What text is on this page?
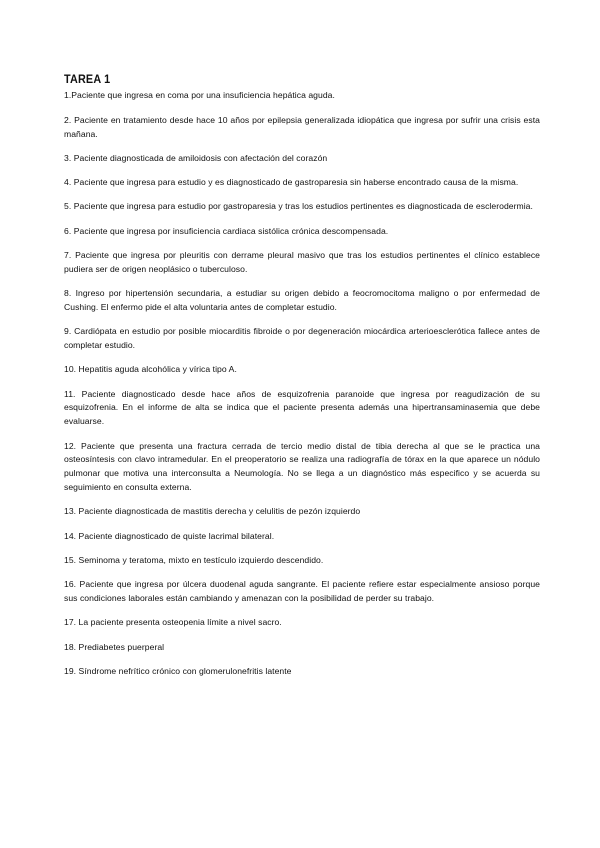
TAREA 1
1.Paciente que ingresa en coma por una insuficiencia hepática aguda.
2. Paciente en tratamiento desde hace 10 años por epilepsia generalizada idiopática que ingresa por sufrir una crisis esta mañana.
3. Paciente diagnosticada de amiloidosis con afectación del corazón
4. Paciente que ingresa para estudio y es diagnosticado de gastroparesia sin haberse encontrado causa de la misma.
5. Paciente que ingresa para estudio por gastroparesia y tras los estudios pertinentes es diagnosticada de esclerodermia.
6. Paciente que ingresa por insuficiencia cardiaca sistólica crónica descompensada.
7. Paciente que ingresa por pleuritis con derrame pleural masivo que tras los estudios pertinentes el clínico establece pudiera ser de origen neoplásico o tuberculoso.
8. Ingreso por hipertensión secundaria, a estudiar su origen debido a feocromocitoma maligno o por enfermedad de Cushing. El enfermo pide el alta voluntaria antes de completar estudio.
9. Cardiópata en estudio por posible miocarditis fibroide o por degeneración miocárdica arterioesclerótica fallece antes de completar estudio.
10. Hepatitis aguda alcohólica y vírica tipo A.
11. Paciente diagnosticado desde hace años de esquizofrenia paranoide que ingresa por reagudización de su esquizofrenia. En el informe de alta se indica que el paciente presenta además una hipertransaminasemia que debe evaluarse.
12. Paciente que presenta una fractura cerrada de tercio medio distal de tibia derecha al que se le practica una osteosíntesis con clavo intramedular. En el preoperatorio se realiza una radiografía de tórax en la que aparece un nódulo pulmonar que motiva una interconsulta a Neumología. No se llega a un diagnóstico más especifico y se acuerda su seguimiento en consulta externa.
13. Paciente diagnosticada de mastitis derecha y celulitis de pezón izquierdo
14. Paciente diagnosticado de quiste lacrimal bilateral.
15. Seminoma y teratoma, mixto en testículo izquierdo descendido.
16. Paciente que ingresa por úlcera duodenal aguda sangrante. El paciente refiere estar especialmente ansioso porque sus condiciones laborales están cambiando y amenazan con la posibilidad de perder su trabajo.
17. La paciente presenta osteopenia límite a nivel sacro.
18. Prediabetes puerperal
19. Síndrome nefrítico crónico con glomerulonefritis latente
